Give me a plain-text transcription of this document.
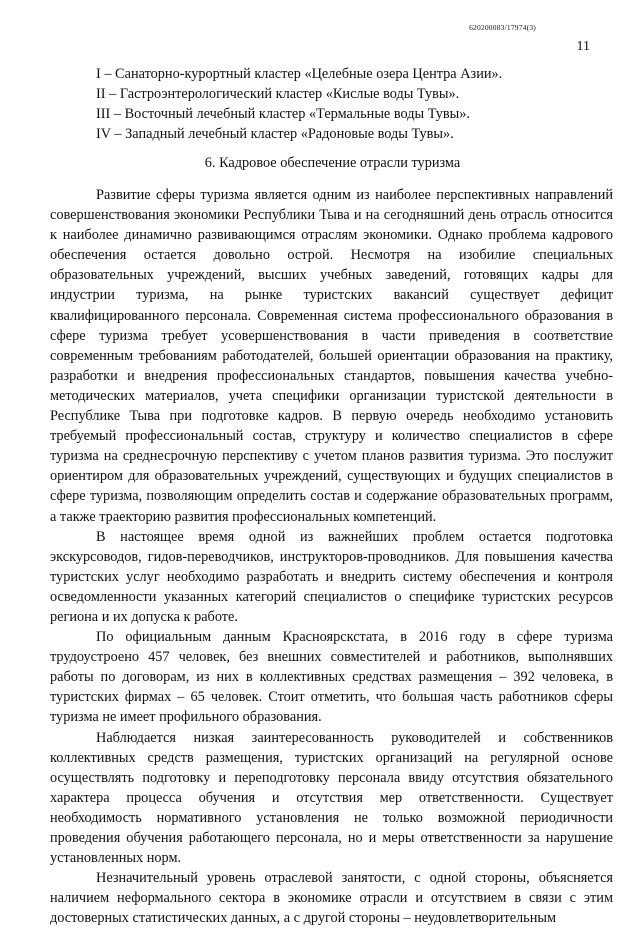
620200083/17974(3)
11
I – Санаторно-курортный кластер «Целебные озера Центра Азии».
II – Гастроэнтерологический кластер «Кислые воды Тувы».
III – Восточный лечебный кластер «Термальные воды Тувы».
IV – Западный лечебный кластер «Радоновые воды Тувы».
6. Кадровое обеспечение отрасли туризма

Развитие сферы туризма является одним из наиболее перспективных направлений совершенствования экономики Республики Тыва и на сегодняшний день отрасль относится к наиболее динамично развивающимся отраслям экономики. Однако проблема кадрового обеспечения остается довольно острой. Несмотря на изобилие специальных образовательных учреждений, высших учебных заведений, готовящих кадры для индустрии туризма, на рынке туристских вакансий существует дефицит квалифицированного персонала. Современная система профессионального образования в сфере туризма требует усовершенствования в части приведения в соответствие современным требованиям работодателей, большей ориентации образования на практику, разработки и внедрения профессиональных стандартов, повышения качества учебно-методических материалов, учета специфики организации туристской деятельности в Республике Тыва при подготовке кадров. В первую очередь необходимо установить требуемый профессиональный состав, структуру и количество специалистов в сфере туризма на среднесрочную перспективу с учетом планов развития туризма. Это послужит ориентиром для образовательных учреждений, существующих и будущих специалистов в сфере туризма, позволяющим определить состав и содержание образовательных программ, а также траекторию развития профессиональных компетенций.

В настоящее время одной из важнейших проблем остается подготовка экскурсоводов, гидов-переводчиков, инструкторов-проводников. Для повышения качества туристских услуг необходимо разработать и внедрить систему обеспечения и контроля осведомленности указанных категорий специалистов о специфике туристских ресурсов региона и их допуска к работе.

По официальным данным Красноярскстата, в 2016 году в сфере туризма трудоустроено 457 человек, без внешних совместителей и работников, выполнявших работы по договорам, из них в коллективных средствах размещения – 392 человека, в туристских фирмах – 65 человек. Стоит отметить, что большая часть работников сферы туризма не имеет профильного образования.

Наблюдается низкая заинтересованность руководителей и собственников коллективных средств размещения, туристских организаций на регулярной основе осуществлять подготовку и переподготовку персонала ввиду отсутствия обязательного характера процесса обучения и отсутствия мер ответственности. Существует необходимость нормативного установления не только возможной периодичности проведения обучения работающего персонала, но и меры ответственности за нарушение установленных норм.

Незначительный уровень отраслевой занятости, с одной стороны, объясняется наличием неформального сектора в экономике отрасли и отсутствием в связи с этим достоверных статистических данных, а с другой стороны – неудовлетворительным
